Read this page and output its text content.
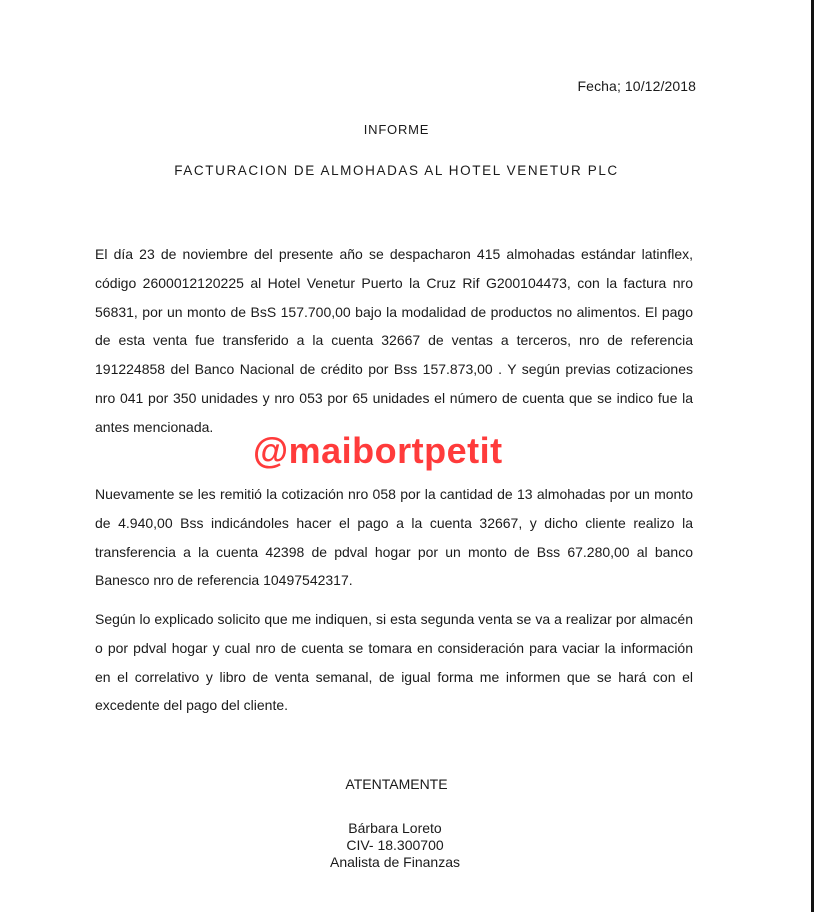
Fecha; 10/12/2018
INFORME
FACTURACION DE ALMOHADAS AL HOTEL VENETUR PLC
El día 23 de noviembre del presente año se despacharon 415 almohadas estándar latinflex, código 2600012120225 al Hotel Venetur Puerto la Cruz Rif G200104473, con la factura nro 56831, por un monto de BsS 157.700,00 bajo la modalidad de productos no alimentos. El pago de esta venta fue transferido a la cuenta 32667 de ventas a terceros, nro de referencia 191224858 del Banco Nacional de crédito por Bss 157.873,00 . Y según previas cotizaciones nro 041 por 350 unidades y nro 053 por 65 unidades el número de cuenta que se indico fue la antes mencionada.
Nuevamente se les remitió la cotización nro 058 por la cantidad de 13 almohadas por un monto de 4.940,00 Bss indicándoles hacer el pago a la cuenta 32667, y dicho cliente realizo la transferencia a la cuenta 42398 de pdval hogar por un monto de Bss 67.280,00 al banco Banesco nro de referencia 10497542317.
Según lo explicado solicito que me indiquen, si esta segunda venta se va a realizar por almacén o por pdval hogar y cual nro de cuenta se tomara en consideración para vaciar la información en el correlativo y libro de venta semanal, de igual forma me informen que se hará con el excedente del pago del cliente.
@maibortpetit
ATENTAMENTE
Bárbara Loreto
CIV- 18.300700
Analista de Finanzas
